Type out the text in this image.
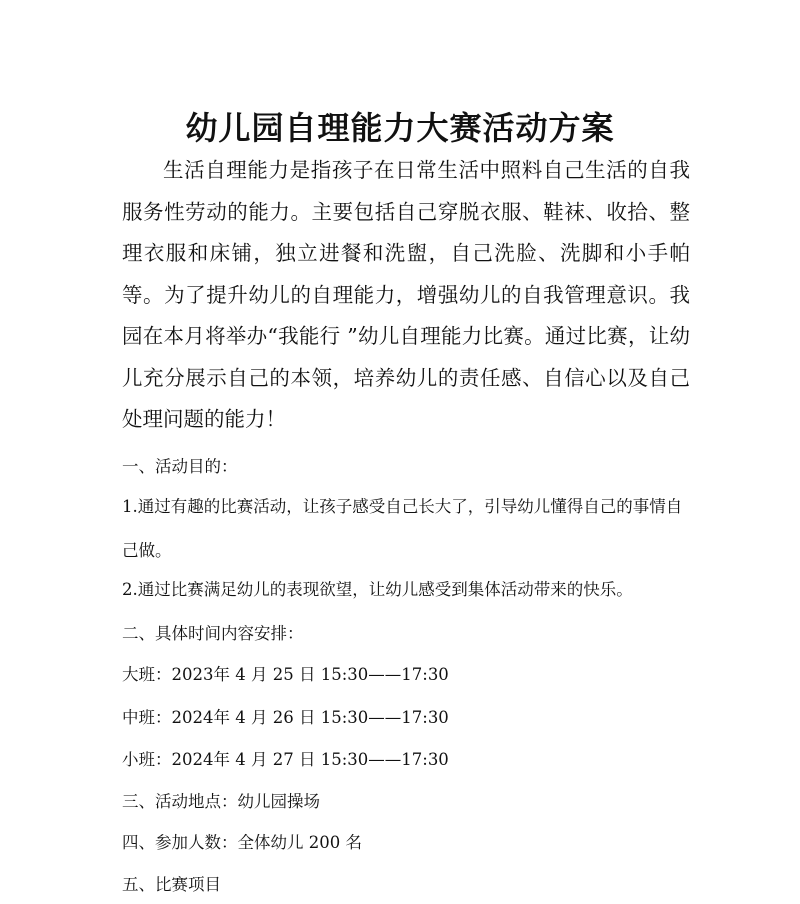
幼儿园自理能力大赛活动方案

生活自理能力是指孩子在日常生活中照料自己生活的自我服务性劳动的能力。主要包括自己穿脱衣服、鞋袜、收拾、整理衣服和床铺，独立进餐和洗盥，自己洗脸、洗脚和小手帕等。为了提升幼儿的自理能力，增强幼儿的自我管理意识。我园在本月将举办“我能行 ”幼儿自理能力比赛。通过比赛，让幼儿充分展示自己的本领，培养幼儿的责任感、自信心以及自己处理问题的能力！

一、活动目的：

1.通过有趣的比赛活动，让孩子感受自己长大了，引导幼儿懂得自己的事情自己做。

2.通过比赛满足幼儿的表现欲望，让幼儿感受到集体活动带来的快乐。

二、具体时间内容安排：

大班：2023年 4 月 25 日 15:30——17:30

中班：2024年 4 月 26 日 15:30——17:30

小班：2024年 4 月 27 日 15:30——17:30

三、活动地点：幼儿园操场

四、参加人数：全体幼儿 200 名

五、比赛项目
